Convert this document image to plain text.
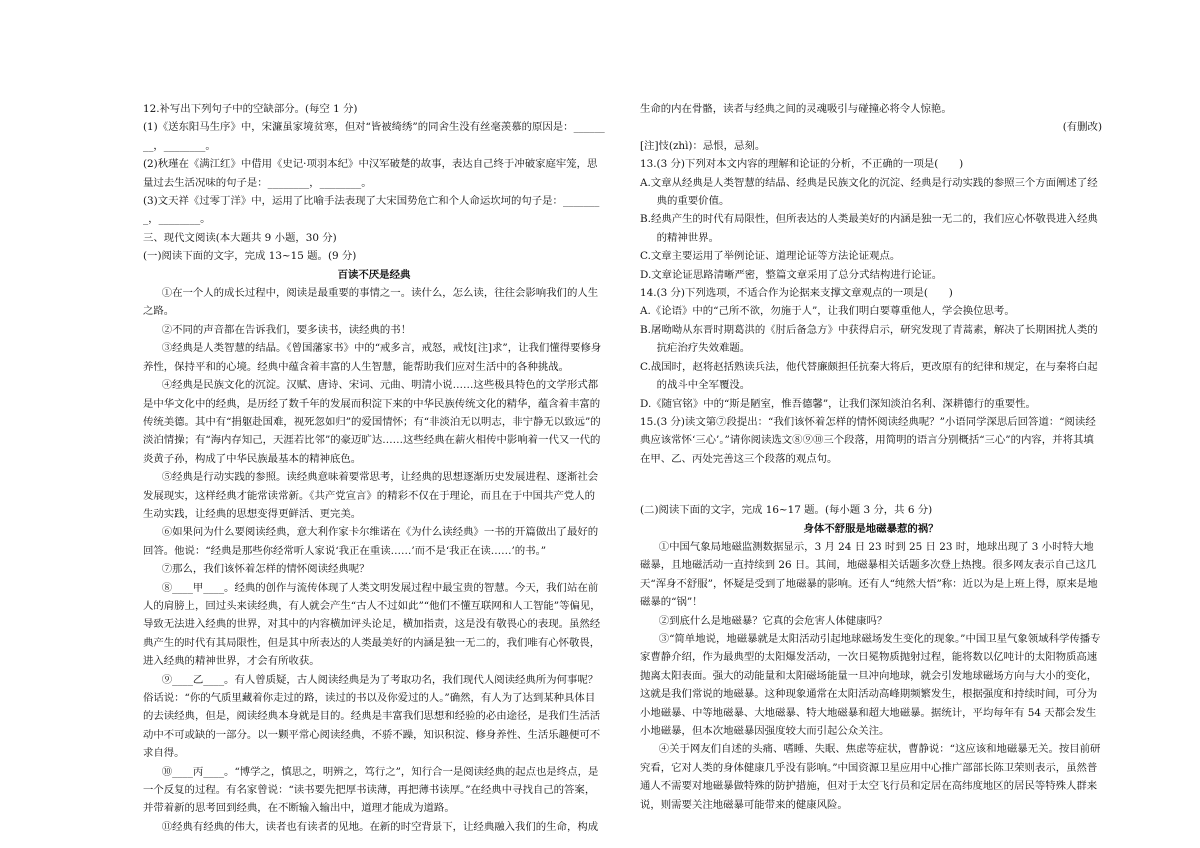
12.补写出下列句子中的空缺部分。(每空 1 分)

(1)《送东阳马生序》中，宋濂虽家境贫寒，但对“皆被绮绣”的同舍生没有丝毫羡慕的原因是：________，________。

(2)秋瑾在《满江红》中借用《史记·项羽本纪》中汉军破楚的故事，表达自己终于冲破家庭牢笼，思量过去生活况味的句子是：________，________。

(3)文天祥《过零丁洋》中，运用了比喻手法表现了大宋国势危亡和个人命运坎坷的句子是：________，________。

三、现代文阅读(本大题共 9 小题，30 分)

(一)阅读下面的文字，完成 13~15 题。(9 分)

百读不厌是经典

①在一个人的成长过程中，阅读是最重要的事情之一。读什么，怎么读，往往会影响我们的人生之路。

②不同的声音都在告诉我们，要多读书，读经典的书！

③经典是人类智慧的结晶。《曾国藩家书》中的“戒多言，戒怒，戒忮[注]求”，让我们懂得要修身养性，保持平和的心境。经典中蕴含着丰富的人生智慧，能帮助我们应对生活中的各种挑战。

④经典是民族文化的沉淀。汉赋、唐诗、宋词、元曲、明清小说……这些极具特色的文学形式都是中华文化中的经典，是历经了数千年的发展而积淀下来的中华民族传统文化的精华，蕴含着丰富的传统美德。其中有“捐躯赴国难，视死忽如归”的爱国情怀；有“非淡泊无以明志，非宁静无以致远”的淡泊情操；有“海内存知己，天涯若比邻”的豪迈旷达……这些经典在薪火相传中影响着一代又一代的炎黄子孙，构成了中华民族最基本的精神底色。

⑤经典是行动实践的参照。读经典意味着要常思考，让经典的思想逐渐历史发展进程、逐渐社会发展现实，这样经典才能常读常新。《共产党宣言》的精彩不仅在于理论，而且在于中国共产党人的生动实践，让经典的思想变得更鲜活、更完美。

⑥如果问为什么要阅读经典，意大利作家卡尔维诺在《为什么读经典》一书的开篇做出了最好的回答。他说：“经典是那些你经常听人家说‘我正在重读……’而不是‘我正在读……’的书。”

⑦那么，我们该怀着怎样的情怀阅读经典呢？

⑧____甲____。经典的创作与流传体现了人类文明发展过程中最宝贵的智慧。今天，我们站在前人的肩膀上，回过头来读经典，有人就会产生“古人不过如此”“他们不懂互联网和人工智能”等偏见，导致无法进入经典的世界，对其中的内容横加评头论足，横加指责，这是没有敬畏心的表现。虽然经典产生的时代有其局限性，但是其中所表达的人类最美好的内涵是独一无二的，我们唯有心怀敬畏，进入经典的精神世界，才会有所收获。

⑨____乙____。有人曾质疑，古人阅读经典是为了考取功名，我们现代人阅读经典所为何事呢？俗话说：“你的气质里藏着你走过的路，读过的书以及你爱过的人。”确然，有人为了达到某种具体目的去读经典，但是，阅读经典本身就是目的。经典是丰富我们思想和经验的必由途径，是我们生活活动中不可或缺的一部分。以一颗平常心阅读经典，不骄不躁，知识积淀、修身养性、生活乐趣便可不求自得。

⑩____丙____。“博学之，慎思之，明辨之，笃行之”，知行合一是阅读经典的起点也是终点，是一个反复的过程。有名家曾说：“读书要先把厚书读薄，再把薄书读厚。”在经典中寻找自己的答案，并带着新的思考回到经典，在不断输入输出中，道理才能成为道路。

⑪经典有经典的伟大，读者也有读者的见地。在新的时空背景下，让经典融入我们的生命，构成

生命的内在骨骼，读者与经典之间的灵魂吸引与碰撞必将令人惊艳。

(有删改)

[注]忮(zhì)：忌恨，忌刻。

13.(3 分)下列对本文内容的理解和论证的分析，不正确的一项是(　　)

A.文章从经典是人类智慧的结晶、经典是民族文化的沉淀、经典是行动实践的参照三个方面阐述了经典的重要价值。

B.经典产生的时代有局限性，但所表达的人类最美好的内涵是独一无二的，我们应心怀敬畏进入经典的精神世界。

C.文章主要运用了举例论证、道理论证等方法论证观点。

D.文章论证思路清晰严密，整篇文章采用了总分式结构进行论证。

14.(3 分)下列选项，不适合作为论据来支撑文章观点的一项是(　　)

A.《论语》中的“己所不欲，勿施于人”，让我们明白要尊重他人，学会换位思考。

B.屠呦呦从东晋时期葛洪的《肘后备急方》中获得启示，研究发现了青蒿素，解决了长期困扰人类的抗疟治疗失效难题。

C.战国时，赵将赵括熟读兵法，他代替廉颇担任抗秦大将后，更改原有的纪律和规定，在与秦将白起的战斗中全军覆没。

D.《随官铭》中的“斯是陋室，惟吾德馨”，让我们深知淡泊名利、深耕德行的重要性。

15.(3 分)读文第⑦段提出：“我们该怀着怎样的情怀阅读经典呢？”小语同学深思后回答道：“阅读经典应该常怀‘三心’。”请你阅读选文⑧⑨⑩三个段落，用简明的语言分别概括“三心”的内容，并将其填在甲、乙、丙处完善这三个段落的观点句。

(二)阅读下面的文字，完成 16~17 题。(每小题 3 分，共 6 分)

身体不舒服是地磁暴惹的祸？

①中国气象局地磁监测数据显示，3 月 24 日 23 时到 25 日 23 时，地球出现了 3 小时特大地磁暴，且地磁活动一直持续到 26 日。其间，地磁暴相关话题多次登上热搜。很多网友表示自己这几天“浑身不舒服”，怀疑是受到了地磁暴的影响。还有人“纯然大悟”称：近以为是上班上得，原来是地磁暴的“锅”！

②到底什么是地磁暴？它真的会危害人体健康吗？

③“简单地说，地磁暴就是太阳活动引起地球磁场发生变化的现象。”中国卫星气象领域科学传播专家曹静介绍，作为最典型的太阳爆发活动，一次日冕物质抛射过程，能将数以亿吨计的太阳物质高速抛离太阳表面。强大的动能量和太阳磁场能量一旦冲向地球，就会引发地球磁场方向与大小的变化，这就是我们常说的地磁暴。这种现象通常在太阳活动高峰期频繁发生，根据强度和持续时间，可分为小地磁暴、中等地磁暴、大地磁暴、特大地磁暴和超大地磁暴。据统计，平均每年有 54 天都会发生小地磁暴，但本次地磁暴因强度较大而引起公众关注。

④关于网友们自述的头痛、嗜睡、失眠、焦虑等症状，曹静说：“这应该和地磁暴无关。按目前研究看，它对人类的身体健康几乎没有影响。”中国资源卫星应用中心推广部部长陈卫荣则表示，虽然普通人不需要对地磁暴做特殊的防护措施，但对于太空飞行员和定居在高纬度地区的居民等特殊人群来说，则需要关注地磁暴可能带来的健康风险。
